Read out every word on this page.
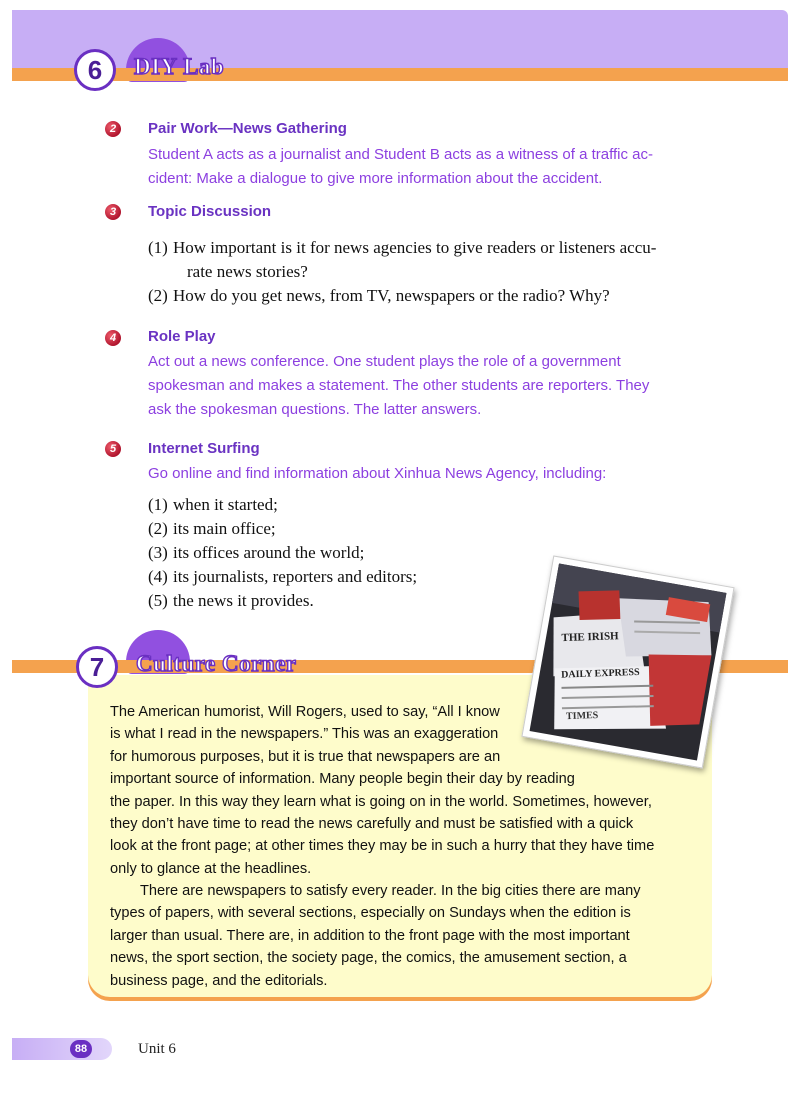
6 DIY Lab
2 Pair Work—News Gathering
Student A acts as a journalist and Student B acts as a witness of a traffic ac-
cident: Make a dialogue to give more information about the accident.
3 Topic Discussion
(1) How important is it for news agencies to give readers or listeners accu-
rate news stories?
(2) How do you get news, from TV, newspapers or the radio? Why?
4 Role Play
Act out a news conference. One student plays the role of a government
spokesman and makes a statement. The other students are reporters. They
ask the spokesman questions. The latter answers.
5 Internet Surfing
Go online and find information about Xinhua News Agency, including:
(1) when it started;
(2) its main office;
(3) its offices around the world;
(4) its journalists, reporters and editors;
(5) the news it provides.
7 Culture Corner
THE IRISH
DAILY EXPRESS
TIMES
The American humorist, Will Rogers, used to say, “All I know
is what I read in the newspapers.” This was an exaggeration
for humorous purposes, but it is true that newspapers are an
important source of information. Many people begin their day by reading
the paper. In this way they learn what is going on in the world. Sometimes, however,
they don’t have time to read the news carefully and must be satisfied with a quick
look at the front page; at other times they may be in such a hurry that they have time
only to glance at the headlines.
There are newspapers to satisfy every reader. In the big cities there are many
types of papers, with several sections, especially on Sundays when the edition is
larger than usual. There are, in addition to the front page with the most important
news, the sport section, the society page, the comics, the amusement section, a
business page, and the editorials.
88	Unit 6
